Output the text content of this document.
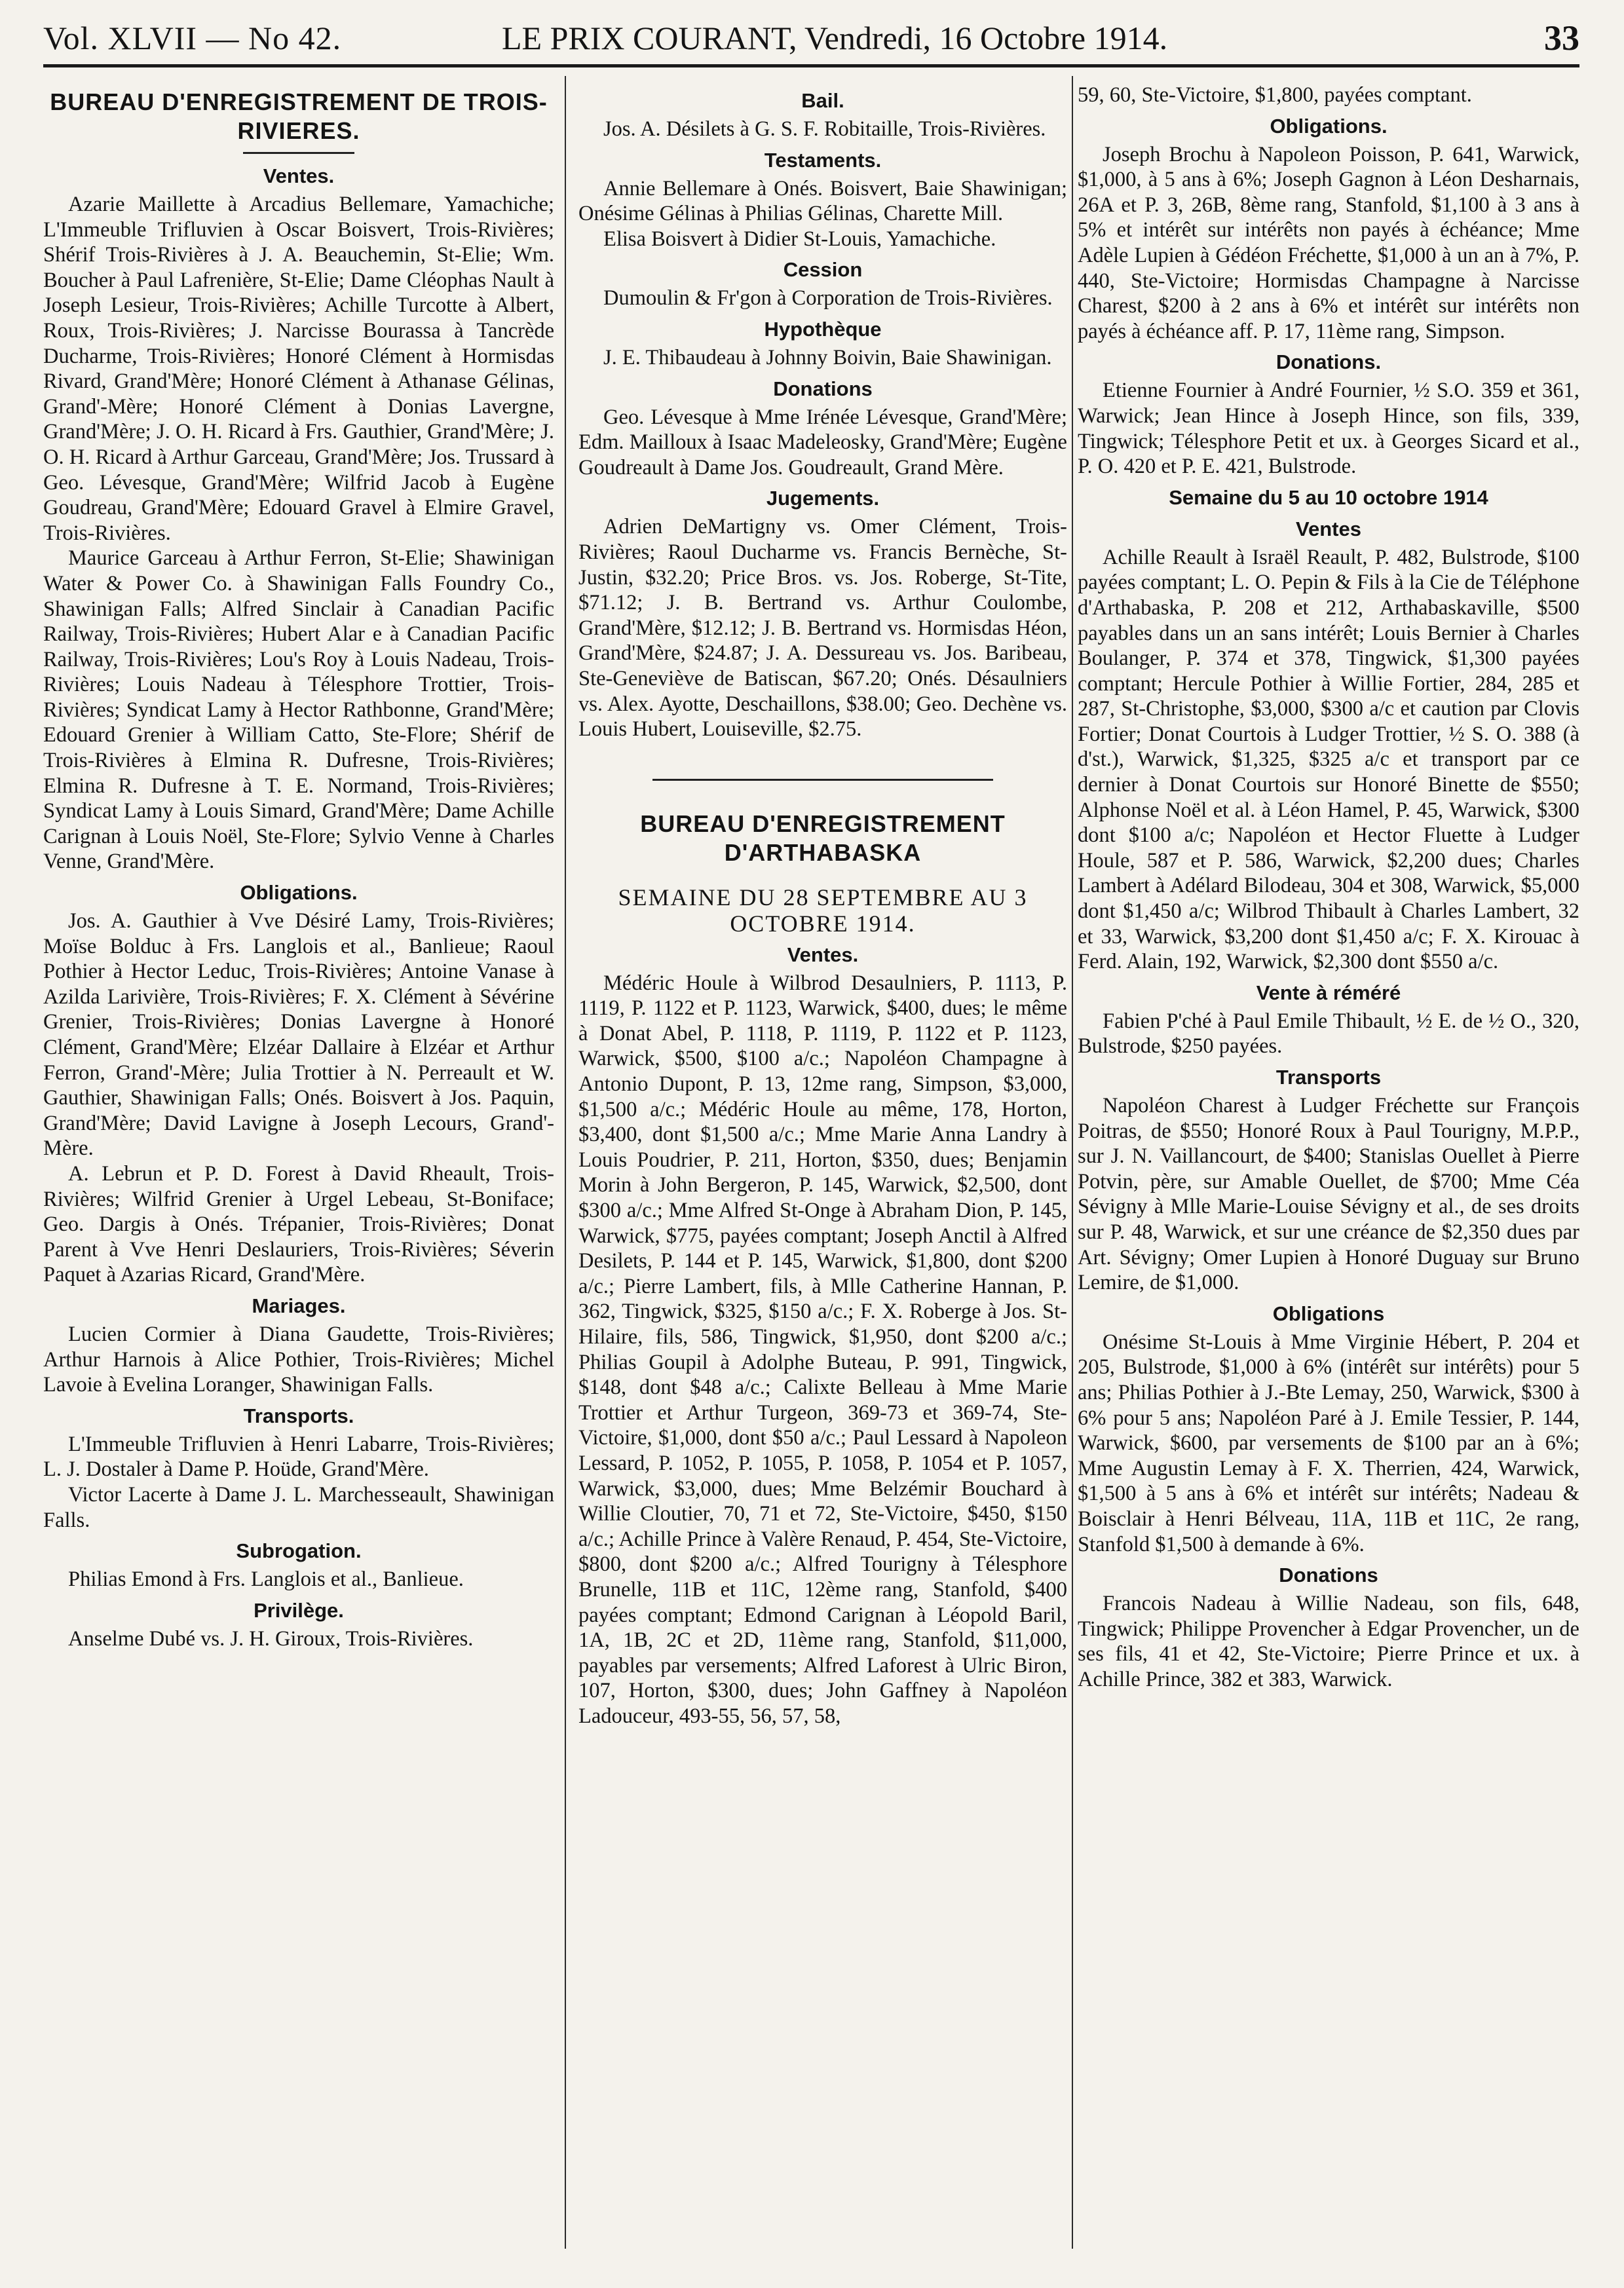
Vol. XLVII — No 42.	LE PRIX COURANT, Vendredi, 16 Octobre 1914.	33
BUREAU D'ENREGISTREMENT DE TROIS-RIVIERES.
Ventes.

Azarie Maillette à Arcadius Bellemare, Yamachiche; L'Immeuble Trifluvien à Oscar Boisvert, Trois-Rivières; Shérif Trois-Rivières à J. A. Beauchemin, St-Elie; Wm. Boucher à Paul Lafrenière, St-Elie; Dame Cléophas Nault à Joseph Lesieur, Trois-Rivières; Achille Turcotte à Albert, Roux, Trois-Rivières; J. Narcisse Bourassa à Tancrède Ducharme, Trois-Rivières; Honoré Clément à Hormisdas Rivard, Grand'Mère; Honoré Clément à Athanase Gélinas, Grand'-Mère; Honoré Clément à Donias Lavergne, Grand'Mère; J. O. H. Ricard à Frs. Gauthier, Grand'Mère; J. O. H. Ricard à Arthur Garceau, Grand'Mère; Jos. Trussard à Geo. Lévesque, Grand'Mère; Wilfrid Jacob à Eugène Goudreau, Grand'Mère; Edouard Gravel à Elmire Gravel, Trois-Rivières.

Maurice Garceau à Arthur Ferron, St-Elie; Shawinigan Water & Power Co. à Shawinigan Falls Foundry Co., Shawinigan Falls; Alfred Sinclair à Canadian Pacific Railway, Trois-Rivières; Hubert Alar e à Canadian Pacific Railway, Trois-Rivières; Lou's Roy à Louis Nadeau, Trois-Rivières; Louis Nadeau à Télesphore Trottier, Trois-Rivières; Syndicat Lamy à Hector Rathbonne, Grand'Mère; Edouard Grenier à William Catto, Ste-Flore; Shérif de Trois-Rivières à Elmina R. Dufresne, Trois-Rivières; Elmina R. Dufresne à T. E. Normand, Trois-Rivières; Syndicat Lamy à Louis Simard, Grand'Mère; Dame Achille Carignan à Louis Noël, Ste-Flore; Sylvio Venne à Charles Venne, Grand'Mère.

Obligations.

Jos. A. Gauthier à Vve Désiré Lamy, Trois-Rivières; Moïse Bolduc à Frs. Langlois et al., Banlieue; Raoul Pothier à Hector Leduc, Trois-Rivières; Antoine Vanase à Azilda Larivière, Trois-Rivières; F. X. Clément à Sévérine Grenier, Trois-Rivières; Donias Lavergne à Honoré Clément, Grand'Mère; Elzéar Dallaire à Elzéar et Arthur Ferron, Grand'-Mère; Julia Trottier à N. Perreault et W. Gauthier, Shawinigan Falls; Onés. Boisvert à Jos. Paquin, Grand'Mère; David Lavigne à Joseph Lecours, Grand'-Mère.

A. Lebrun et P. D. Forest à David Rheault, Trois-Rivières; Wilfrid Grenier à Urgel Lebeau, St-Boniface; Geo. Dargis à Onés. Trépanier, Trois-Rivières; Donat Parent à Vve Henri Deslauriers, Trois-Rivières; Séverin Paquet à Azarias Ricard, Grand'Mère.

Mariages.

Lucien Cormier à Diana Gaudette, Trois-Rivières; Arthur Harnois à Alice Pothier, Trois-Rivières; Michel Lavoie à Evelina Loranger, Shawinigan Falls.

Transports.

L'Immeuble Trifluvien à Henri Labarre, Trois-Rivières; L. J. Dostaler à Dame P. Hoüde, Grand'Mère.

Victor Lacerte à Dame J. L. Marchesseault, Shawinigan Falls.

Subrogation.

Philias Emond à Frs. Langlois et al., Banlieue.

Privilège.

Anselme Dubé vs. J. H. Giroux, Trois-Rivières.

Bail.

Jos. A. Désilets à G. S. F. Robitaille, Trois-Rivières.

Testaments.

Annie Bellemare à Onés. Boisvert, Baie Shawinigan; Onésime Gélinas à Philias Gélinas, Charette Mill.

Elisa Boisvert à Didier St-Louis, Yamachiche.

Cession

Dumoulin & Fr'gon à Corporation de Trois-Rivières.

Hypothèque

J. E. Thibaudeau à Johnny Boivin, Baie Shawinigan.

Donations

Geo. Lévesque à Mme Irénée Lévesque, Grand'Mère; Edm. Mailloux à Isaac Madeleosky, Grand'Mère; Eugène Goudreault à Dame Jos. Goudreault, Grand Mère.

Jugements.

Adrien DeMartigny vs. Omer Clément, Trois-Rivières; Raoul Ducharme vs. Francis Bernèche, St-Justin, $32.20; Price Bros. vs. Jos. Roberge, St-Tite, $71.12; J. B. Bertrand vs. Arthur Coulombe, Grand'Mère, $12.12; J. B. Bertrand vs. Hormisdas Héon, Grand'Mère, $24.87; J. A. Dessureau vs. Jos. Baribeau, Ste-Geneviève de Batiscan, $67.20; Onés. Désaulniers vs. Alex. Ayotte, Deschaillons, $38.00; Geo. Dechène vs. Louis Hubert, Louiseville, $2.75.

BUREAU D'ENREGISTREMENT D'ARTHABASKA
SEMAINE DU 28 SEPTEMBRE AU 3 OCTOBRE 1914.
Ventes.

Médéric Houle à Wilbrod Desaulniers, P. 1113, P. 1119, P. 1122 et P. 1123, Warwick, $400, dues; le même à Donat Abel, P. 1118, P. 1119, P. 1122 et P. 1123, Warwick, $500, $100 a/c.; Napoléon Champagne à Antonio Dupont, P. 13, 12me rang, Simpson, $3,000, $1,500 a/c.; Médéric Houle au même, 178, Horton, $3,400, dont $1,500 a/c.; Mme Marie Anna Landry à Louis Poudrier, P. 211, Horton, $350, dues; Benjamin Morin à John Bergeron, P. 145, Warwick, $2,500, dont $300 a/c.; Mme Alfred St-Onge à Abraham Dion, P. 145, Warwick, $775, payées comptant; Joseph Anctil à Alfred Desilets, P. 144 et P. 145, Warwick, $1,800, dont $200 a/c.; Pierre Lambert, fils, à Mlle Catherine Hannan, P. 362, Tingwick, $325, $150 a/c.; F. X. Roberge à Jos. St-Hilaire, fils, 586, Tingwick, $1,950, dont $200 a/c.; Philias Goupil à Adolphe Buteau, P. 991, Tingwick, $148, dont $48 a/c.; Calixte Belleau à Mme Marie Trottier et Arthur Turgeon, 369-73 et 369-74, Ste-Victoire, $1,000, dont $50 a/c.; Paul Lessard à Napoleon Lessard, P. 1052, P. 1055, P. 1058, P. 1054 et P. 1057, Warwick, $3,000, dues; Mme Belzémir Bouchard à Willie Cloutier, 70, 71 et 72, Ste-Victoire, $450, $150 a/c.; Achille Prince à Valère Renaud, P. 454, Ste-Victoire, $800, dont $200 a/c.; Alfred Tourigny à Télesphore Brunelle, 11B et 11C, 12ème rang, Stanfold, $400 payées comptant; Edmond Carignan à Léopold Baril, 1A, 1B, 2C et 2D, 11ème rang, Stanfold, $11,000, payables par versements; Alfred Laforest à Ulric Biron, 107, Horton, $300, dues; John Gaffney à Napoléon Ladouceur, 493-55, 56, 57, 58,

59, 60, Ste-Victoire, $1,800, payées comptant.

Obligations.

Joseph Brochu à Napoleon Poisson, P. 641, Warwick, $1,000, à 5 ans à 6%; Joseph Gagnon à Léon Desharnais, 26A et P. 3, 26B, 8ème rang, Stanfold, $1,100 à 3 ans à 5% et intérêt sur intérêts non payés à échéance; Mme Adèle Lupien à Gédéon Fréchette, $1,000 à un an à 7%, P. 440, Ste-Victoire; Hormisdas Champagne à Narcisse Charest, $200 à 2 ans à 6% et intérêt sur intérêts non payés à échéance aff. P. 17, 11ème rang, Simpson.

Donations.

Etienne Fournier à André Fournier, ½ S.O. 359 et 361, Warwick; Jean Hince à Joseph Hince, son fils, 339, Tingwick; Télesphore Petit et ux. à Georges Sicard et al., P. O. 420 et P. E. 421, Bulstrode.

Semaine du 5 au 10 octobre 1914
Ventes

Achille Reault à Israël Reault, P. 482, Bulstrode, $100 payées comptant; L. O. Pepin & Fils à la Cie de Téléphone d'Arthabaska, P. 208 et 212, Arthabaskaville, $500 payables dans un an sans intérêt; Louis Bernier à Charles Boulanger, P. 374 et 378, Tingwick, $1,300 payées comptant; Hercule Pothier à Willie Fortier, 284, 285 et 287, St-Christophe, $3,000, $300 a/c et caution par Clovis Fortier; Donat Courtois à Ludger Trottier, ½ S. O. 388 (à d'st.), Warwick, $1,325, $325 a/c et transport par ce dernier à Donat Courtois sur Honoré Binette de $550; Alphonse Noël et al. à Léon Hamel, P. 45, Warwick, $300 dont $100 a/c; Napoléon et Hector Fluette à Ludger Houle, 587 et P. 586, Warwick, $2,200 dues; Charles Lambert à Adélard Bilodeau, 304 et 308, Warwick, $5,000 dont $1,450 a/c; Wilbrod Thibault à Charles Lambert, 32 et 33, Warwick, $3,200 dont $1,450 a/c; F. X. Kirouac à Ferd. Alain, 192, Warwick, $2,300 dont $550 a/c.

Vente à réméré

Fabien P'ché à Paul Emile Thibault, ½ E. de ½ O., 320, Bulstrode, $250 payées.

Transports

Napoléon Charest à Ludger Fréchette sur François Poitras, de $550; Honoré Roux à Paul Tourigny, M.P.P., sur J. N. Vaillancourt, de $400; Stanislas Ouellet à Pierre Potvin, père, sur Amable Ouellet, de $700; Mme Céa Sévigny à Mlle Marie-Louise Sévigny et al., de ses droits sur P. 48, Warwick, et sur une créance de $2,350 dues par Art. Sévigny; Omer Lupien à Honoré Duguay sur Bruno Lemire, de $1,000.

Obligations

Onésime St-Louis à Mme Virginie Hébert, P. 204 et 205, Bulstrode, $1,000 à 6% (intérêt sur intérêts) pour 5 ans; Philias Pothier à J.-Bte Lemay, 250, Warwick, $300 à 6% pour 5 ans; Napoléon Paré à J. Emile Tessier, P. 144, Warwick, $600, par versements de $100 par an à 6%; Mme Augustin Lemay à F. X. Therrien, 424, Warwick, $1,500 à 5 ans à 6% et intérêt sur intérêts; Nadeau & Boisclair à Henri Bélveau, 11A, 11B et 11C, 2e rang, Stanfold $1,500 à demande à 6%.

Donations

Francois Nadeau à Willie Nadeau, son fils, 648, Tingwick; Philippe Provencher à Edgar Provencher, un de ses fils, 41 et 42, Ste-Victoire; Pierre Prince et ux. à Achille Prince, 382 et 383, Warwick.
